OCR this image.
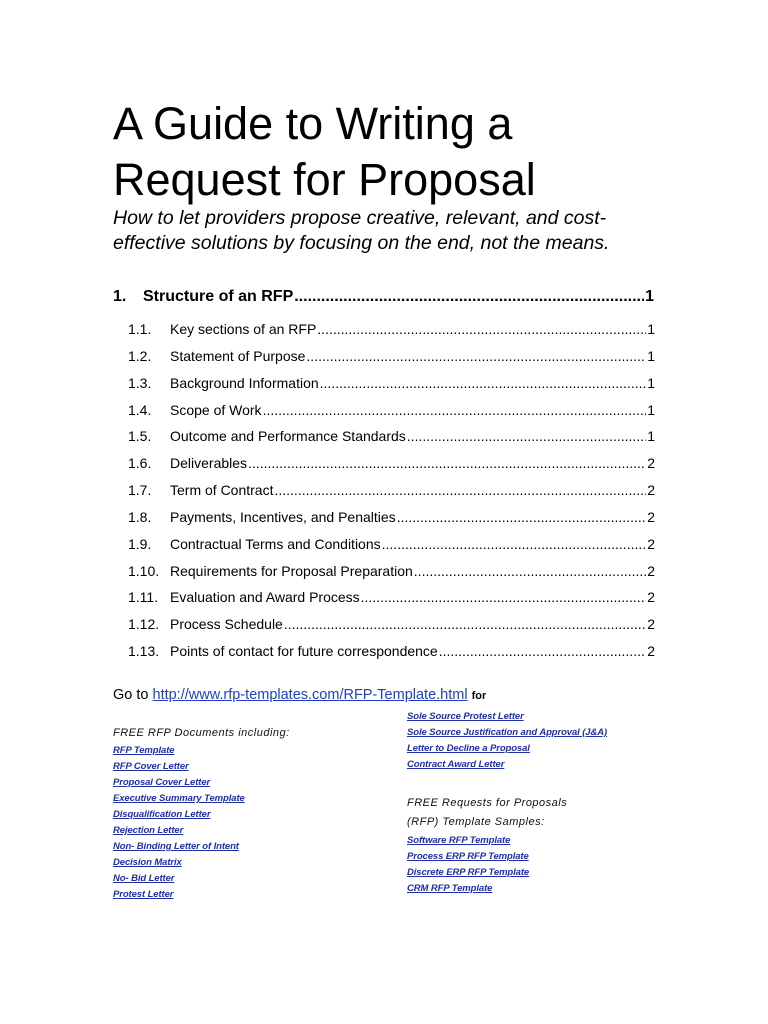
A Guide to Writing a
Request for Proposal

How to let providers propose creative, relevant, and cost-
effective solutions by focusing on the end, not the means.

1.	Structure of an RFP .....	1
1.1.	Key sections of an RFP .....	1
1.2.	Statement of Purpose .....	1
1.3.	Background Information .....	1
1.4.	Scope of Work .....	1
1.5.	Outcome and Performance Standards .....	1
1.6.	Deliverables .....	2
1.7.	Term of Contract .....	2
1.8.	Payments, Incentives, and Penalties .....	2
1.9.	Contractual Terms and Conditions .....	2
1.10. Requirements for Proposal Preparation .....	2
1.11. Evaluation and Award Process .....	2
1.12. Process Schedule .....	2
1.13. Points of contact for future correspondence .....	2
Go to http://www.rfp-templates.com/RFP-Template.html for
Sole Source Protest Letter
Sole Source Justification and Approval (J&A)
Letter to Decline a Proposal
Contract Award Letter
FREE RFP Documents including:
RFP Template
RFP Cover Letter
Proposal Cover Letter
Executive Summary Template
Disqualification Letter
Rejection Letter
Non- Binding Letter of Intent
Decision Matrix
No- Bid Letter
Protest Letter
FREE Requests for Proposals
(RFP) Template Samples:
Software RFP Template
Process ERP RFP Template
Discrete ERP RFP Template
CRM RFP Template
